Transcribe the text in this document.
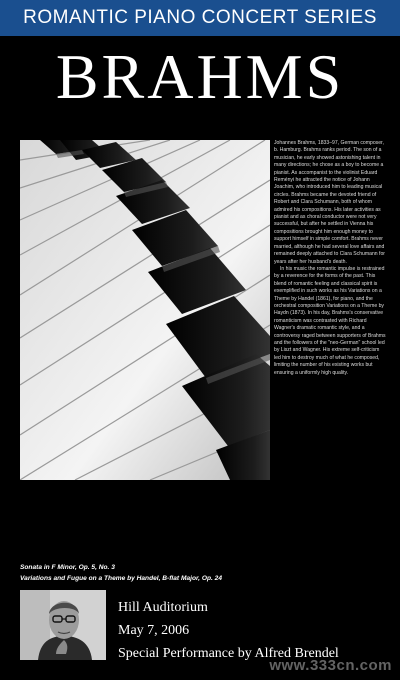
ROMANTIC PIANO CONCERT SERIES
BRAHMS

Johannes Brahms, 1833–97, German composer, b. Hamburg. Brahms ranks period. The son of a musician, he early showed astonishing talent in many directions; he chose as a boy to become a pianist. As accompanist to the violinist Eduard Reményi he attracted the notice of Johann Joachim, who introduced him to leading musical circles. Brahms became the devoted friend of Robert and Clara Schumann, both of whom admired his compositions. His later activities as pianist and as choral conductor were not very successful, but after he settled in Vienna his compositions brought him enough money to support himself in simple comfort. Brahms never married, although he had several love affairs and remained deeply attached to Clara Schumann for years after her husband's death.

In his music the romantic impulse is restrained by a reverence for the forms of the past. This blend of romantic feeling and classical spirit is exemplified in such works as his Variations on a Theme by Handel (1861), for piano, and the orchestral composition Variations on a Theme by Haydn (1873). In his day, Brahms's conservative romanticism was contrasted with Richard Wagner's dramatic romantic style, and a controversy raged between supporters of Brahms and the followers of the "neo-German" school led by Liszt and Wagner. His extreme self-criticism led him to destroy much of what he composed, limiting the number of his existing works but ensuring a uniformly high quality.

Sonata in F Minor, Op. 5, No. 3
Variations and Fugue on a Theme by Handel, B-flat Major, Op. 24
Hill Auditorium
May 7, 2006
Special Performance by Alfred Brendel
www.333cn.com
